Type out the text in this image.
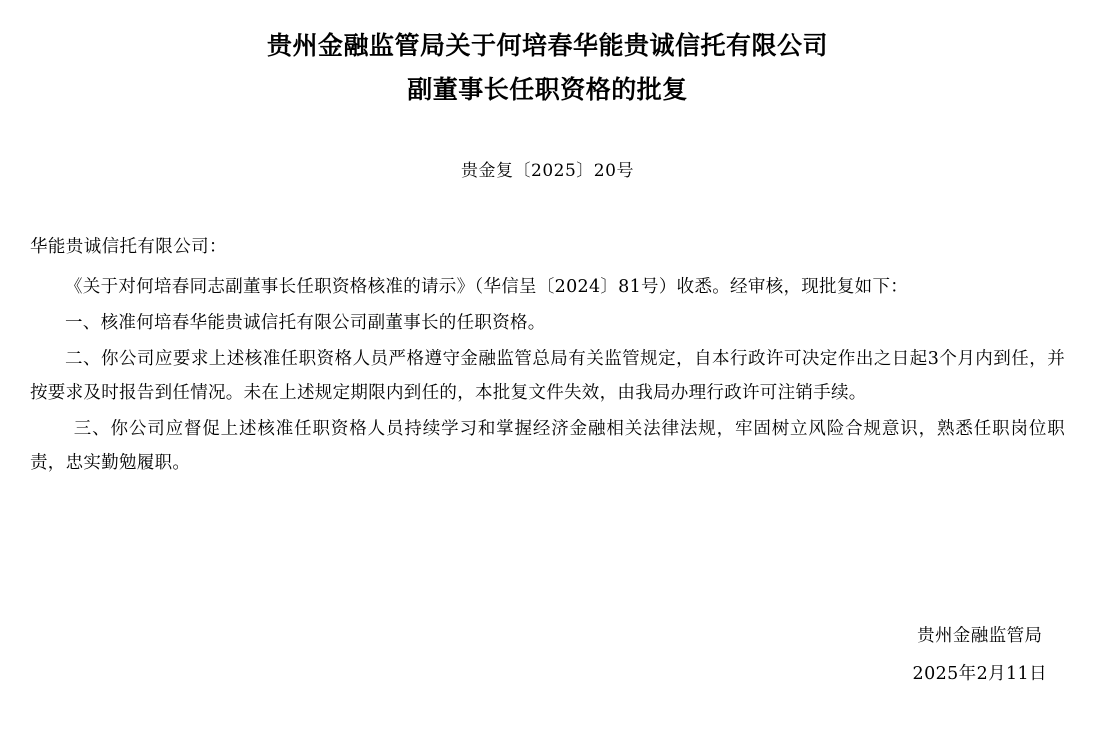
贵州金融监管局关于何培春华能贵诚信托有限公司
副董事长任职资格的批复
贵金复〔2025〕20号
华能贵诚信托有限公司：

《关于对何培春同志副董事长任职资格核准的请示》（华信呈〔2024〕81号）收悉。经审核，现批复如下：

一、核准何培春华能贵诚信托有限公司副董事长的任职资格。

二、你公司应要求上述核准任职资格人员严格遵守金融监管总局有关监管规定，自本行政许可决定作出之日起3个月内到任，并按要求及时报告到任情况。未在上述规定期限内到任的，本批复文件失效，由我局办理行政许可注销手续。

三、你公司应督促上述核准任职资格人员持续学习和掌握经济金融相关法律法规，牢固树立风险合规意识，熟悉任职岗位职责，忠实勤勉履职。

贵州金融监管局
2025年2月11日
